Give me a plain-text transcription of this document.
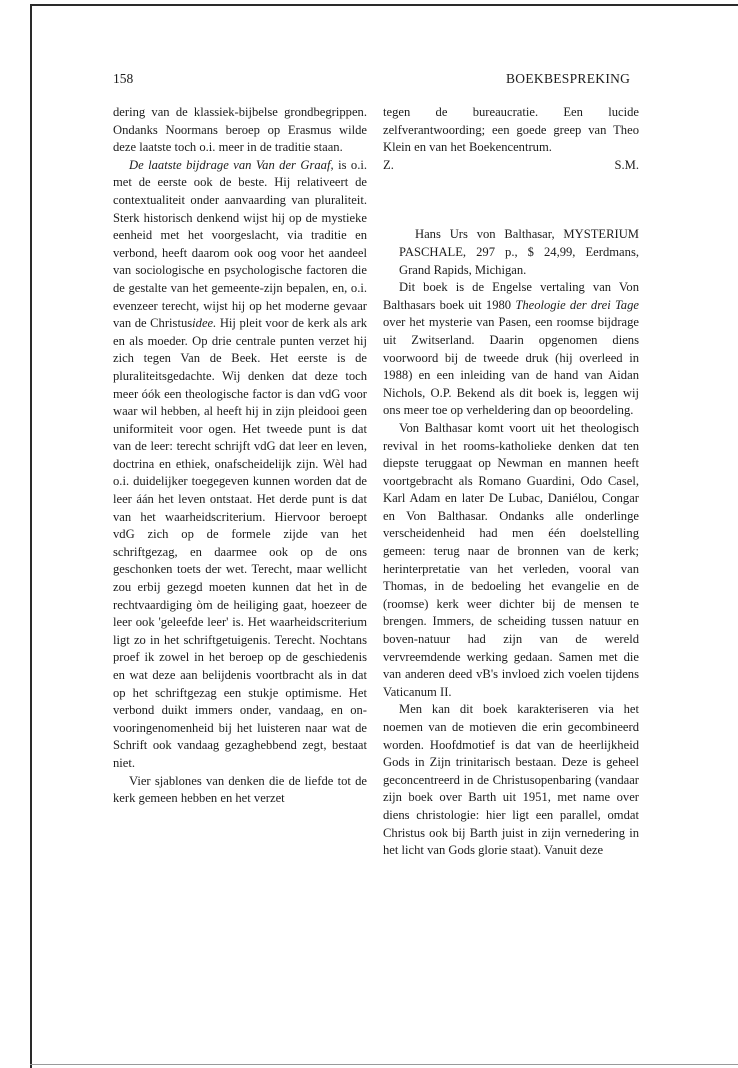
158	BOEKBESPREKING

dering van de klassiek-bijbelse grondbegrippen. Ondanks Noormans beroep op Erasmus wilde deze laatste toch o.i. meer in de traditie staan.

De laatste bijdrage van Van der Graaf, is o.i. met de eerste ook de beste. Hij relativeert de contextualiteit onder aanvaarding van pluraliteit. Sterk historisch denkend wijst hij op de mystieke eenheid met het voorgeslacht, via traditie en verbond, heeft daarom ook oog voor het aandeel van sociologische en psychologische factoren die de gestalte van het gemeente-zijn bepalen, en, o.i. evenzeer terecht, wijst hij op het moderne gevaar van de Christusidee. Hij pleit voor de kerk als ark en als moeder. Op drie centrale punten verzet hij zich tegen Van de Beek. Het eerste is de pluraliteitsgedachte. Wij denken dat deze toch meer óók een theologische factor is dan vdG voor waar wil hebben, al heeft hij in zijn pleidooi geen uniformiteit voor ogen. Het tweede punt is dat van de leer: terecht schrijft vdG dat leer en leven, doctrina en ethiek, onafscheidelijk zijn. Wèl had o.i. duidelijker toegegeven kunnen worden dat de leer áán het leven ontstaat. Het derde punt is dat van het waarheidscriterium. Hiervoor beroept vdG zich op de formele zijde van het schriftgezag, en daarmee ook op de ons geschonken toets der wet. Terecht, maar wellicht zou erbij gezegd moeten kunnen dat het ìn de rechtvaardiging òm de heiliging gaat, hoezeer de leer ook 'geleefde leer' is. Het waarheidscriterium ligt zo in het schriftgetuigenis. Terecht. Nochtans proef ik zowel in het beroep op de geschiedenis en wat deze aan belijdenis voortbracht als in dat op het schriftgezag een stukje optimisme. Het verbond duikt immers onder, vandaag, en on-vooringenomenheid bij het luisteren naar wat de Schrift ook vandaag gezaghebbend zegt, bestaat niet.

Vier sjablones van denken die de liefde tot de kerk gemeen hebben en het verzet

tegen de bureaucratie. Een lucide zelfverantwoording; een goede greep van Theo Klein en van het Boekencentrum.

Z.	S.M.

Hans Urs von Balthasar, MYSTERIUM PASCHALE, 297 p., $ 24,99, Eerdmans, Grand Rapids, Michigan.

Dit boek is de Engelse vertaling van Von Balthasars boek uit 1980 Theologie der drei Tage over het mysterie van Pasen, een roomse bijdrage uit Zwitserland. Daarin opgenomen diens voorwoord bij de tweede druk (hij overleed in 1988) en een inleiding van de hand van Aidan Nichols, O.P. Bekend als dit boek is, leggen wij ons meer toe op verheldering dan op beoordeling.

Von Balthasar komt voort uit het theologisch revival in het rooms-katholieke denken dat ten diepste teruggaat op Newman en mannen heeft voortgebracht als Romano Guardini, Odo Casel, Karl Adam en later De Lubac, Daniélou, Congar en Von Balthasar. Ondanks alle onderlinge verscheidenheid had men één doelstelling gemeen: terug naar de bronnen van de kerk; herinterpretatie van het verleden, vooral van Thomas, in de bedoeling het evangelie en de (roomse) kerk weer dichter bij de mensen te brengen. Immers, de scheiding tussen natuur en boven-natuur had zijn van de wereld vervreemdende werking gedaan. Samen met die van anderen deed vB's invloed zich voelen tijdens Vaticanum II.

Men kan dit boek karakteriseren via het noemen van de motieven die erin gecombineerd worden. Hoofdmotief is dat van de heerlijkheid Gods in Zijn trinitarisch bestaan. Deze is geheel geconcentreerd in de Christusopenbaring (vandaar zijn boek over Barth uit 1951, met name over diens christologie: hier ligt een parallel, omdat Christus ook bij Barth juist in zijn vernedering in het licht van Gods glorie staat). Vanuit deze
